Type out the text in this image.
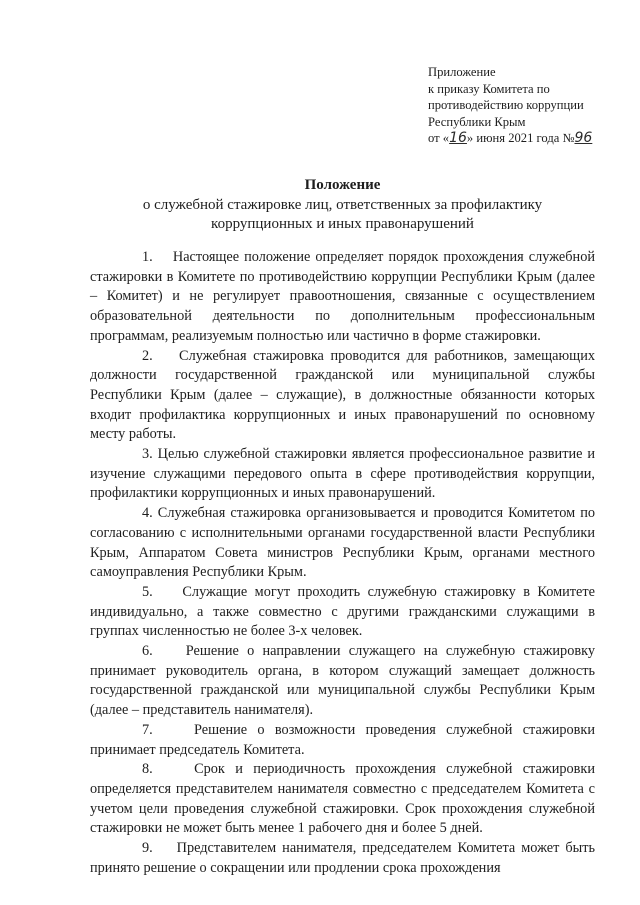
Приложение
к приказу Комитета по
противодействию коррупции
Республики Крым
от «16» июня 2021 года №96
Положение
о служебной стажировке лиц, ответственных за профилактику
коррупционных и иных правонарушений

1.    Настоящее положение определяет порядок прохождения служебной стажировки в Комитете по противодействию коррупции Республики Крым (далее – Комитет) и не регулирует правоотношения, связанные с осуществлением образовательной деятельности по дополнительным профессиональным программам, реализуемым полностью или частично в форме стажировки.

2.    Служебная стажировка проводится для работников, замещающих должности государственной гражданской или муниципальной службы Республики Крым (далее – служащие), в должностные обязанности которых входит профилактика коррупционных и иных правонарушений по основному месту работы.

3. Целью служебной стажировки является профессиональное развитие и изучение служащими передового опыта в сфере противодействия коррупции, профилактики коррупционных и иных правонарушений.

4. Служебная стажировка организовывается и проводится Комитетом по согласованию с исполнительными органами государственной власти Республики Крым, Аппаратом Совета министров Республики Крым, органами местного самоуправления Республики Крым.

5.    Служащие могут проходить служебную стажировку в Комитете индивидуально, а также совместно с другими гражданскими служащими в группах численностью не более 3-х человек.

6.    Решение о направлении служащего на служебную стажировку принимает руководитель органа, в котором служащий замещает должность государственной гражданской или муниципальной службы Республики Крым (далее – представитель нанимателя).

7.    Решение о возможности проведения служебной стажировки принимает председатель Комитета.

8.    Срок и периодичность прохождения служебной стажировки определяется представителем нанимателя совместно с председателем Комитета с учетом цели проведения служебной стажировки. Срок прохождения служебной стажировки не может быть менее 1 рабочего дня и более 5 дней.

9.    Представителем нанимателя, председателем Комитета может быть принято решение о сокращении или продлении срока прохождения
